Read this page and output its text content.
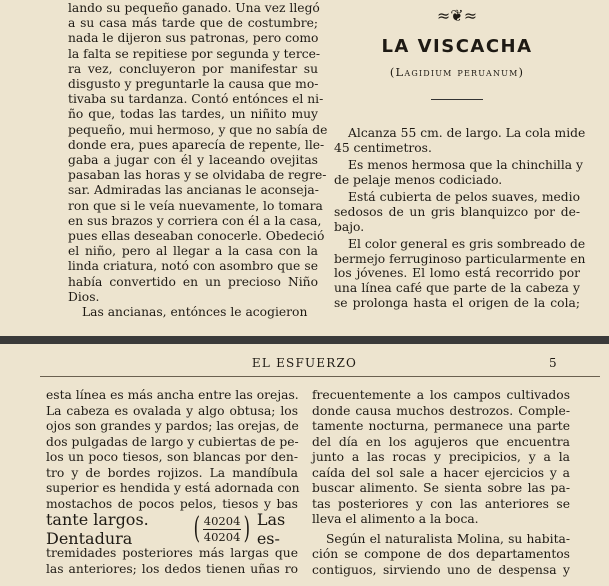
lando su pequeño ganado. Una vez llegó
a su casa más tarde que de costumbre;
nada le dijeron sus patronas, pero como
la falta se repitiese por segunda y terce-
ra vez, concluyeron por manifestar su
disgusto y preguntarle la causa que mo-
tivaba su tardanza. Contó entónces el ni-
ño que, todas las tardes, un niñito muy
pequeño, mui hermoso, y que no sabía de
donde era, pues aparecía de repente, lle-
gaba a jugar con él y laceando ovejitas
pasaban las horas y se olvidaba de regre-
sar. Admiradas las ancianas le aconseja-
ron que si le veía nuevamente, lo tomara
en sus brazos y corriera con él a la casa,
pues ellas deseaban conocerle. Obedeció
el niño, pero al llegar a la casa con la
linda criatura, notó con asombro que se
había convertido en un precioso Niño
Dios.
Las ancianas, entónces le acogieron
≈❦≈
LA VISCACHA
(Lagidium peruanum)
Alcanza 55 cm. de largo. La cola mide
45 centimetros.
Es menos hermosa que la chinchilla y
de pelaje menos codiciado.
Está cubierta de pelos suaves, medio
sedosos de un gris blanquizco por de-
bajo.
El color general es gris sombreado de
bermejo ferruginoso particularmente en
los jóvenes. El lomo está recorrido por
una línea café que parte de la cabeza y
se prolonga hasta el origen de la cola;
EL ESFUERZO	5
esta línea es más ancha entre las orejas.
La cabeza es ovalada y algo obtusa; los
ojos son grandes y pardos; las orejas, de
dos pulgadas de largo y cubiertas de pe-
los un poco tiesos, son blancas por den-
tro y de bordes rojizos. La mandíbula
superior es hendida y está adornada con
mostachos de pocos pelos, tiesos y bas
tante largos. Dentadura	( $\frac{40204}{40204}$ ) Las es-
tremidades posteriores más largas que
las anteriores; los dedos tienen uñas ro
frecuentemente a los campos cultivados
donde causa muchos destrozos. Comple-
tamente nocturna, permanece una parte
del día en los agujeros que encuentra
junto a las rocas y precipicios, y a la
caída del sol sale a hacer ejercicios y a
buscar alimento. Se sienta sobre las pa-
tas posteriores y con las anteriores se
lleva el alimento a la boca.
Según el naturalista Molina, su habita-
ción se compone de dos departamentos
contiguos, sirviendo uno de despensa y
